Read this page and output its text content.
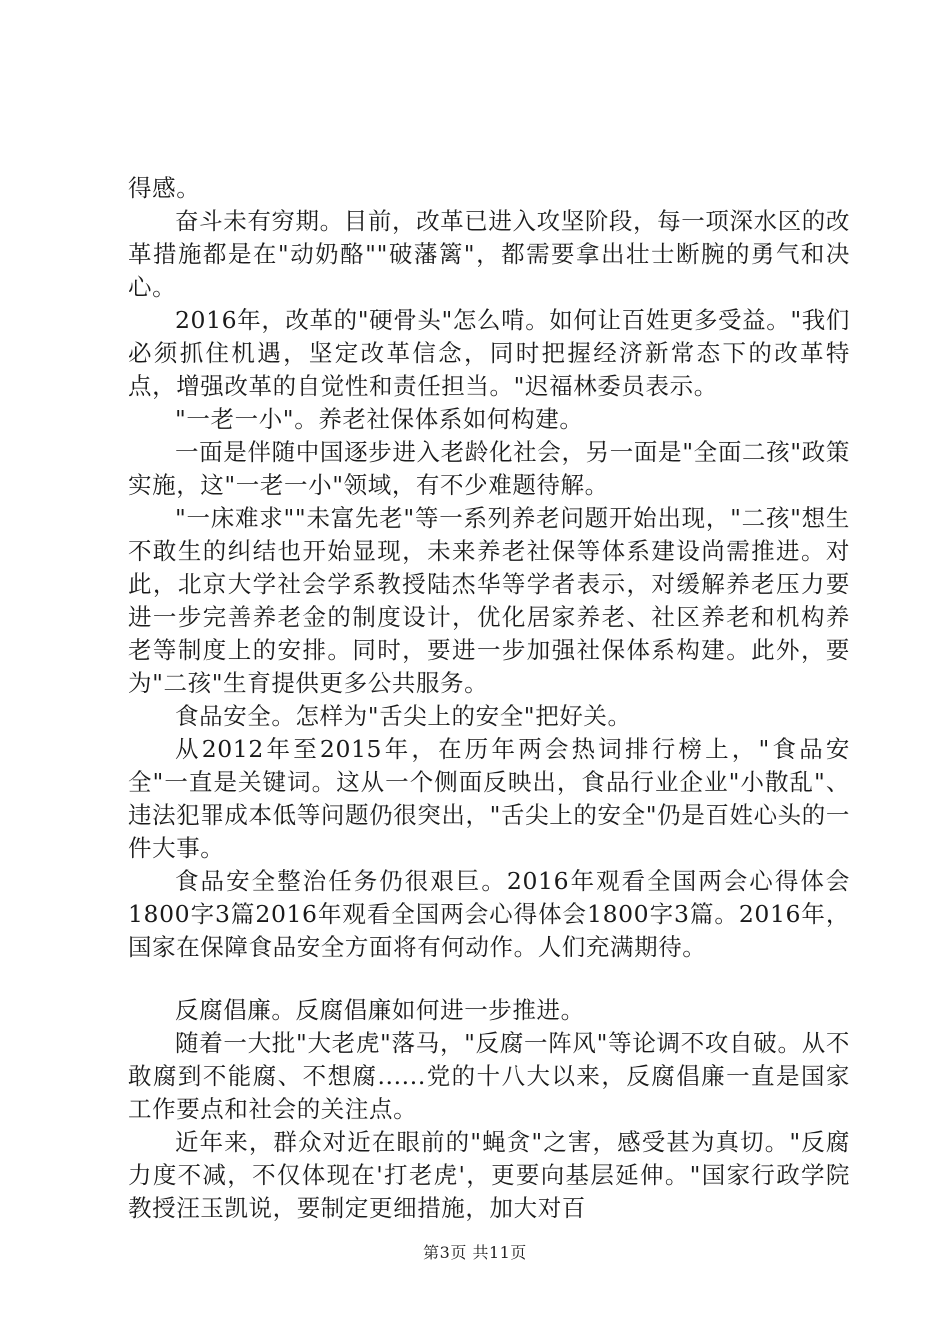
得感。

奋斗未有穷期。目前，改革已进入攻坚阶段，每一项深水区的改革措施都是在"动奶酪""破藩篱"，都需要拿出壮士断腕的勇气和决心。

2016年，改革的"硬骨头"怎么啃。如何让百姓更多受益。"我们必须抓住机遇，坚定改革信念，同时把握经济新常态下的改革特点，增强改革的自觉性和责任担当。"迟福林委员表示。

"一老一小"。养老社保体系如何构建。

一面是伴随中国逐步进入老龄化社会，另一面是"全面二孩"政策实施，这"一老一小"领域，有不少难题待解。

"一床难求""未富先老"等一系列养老问题开始出现，"二孩"想生不敢生的纠结也开始显现，未来养老社保等体系建设尚需推进。对此，北京大学社会学系教授陆杰华等学者表示，对缓解养老压力要进一步完善养老金的制度设计，优化居家养老、社区养老和机构养老等制度上的安排。同时，要进一步加强社保体系构建。此外，要为"二孩"生育提供更多公共服务。

食品安全。怎样为"舌尖上的安全"把好关。

从2012年至2015年，在历年两会热词排行榜上，"食品安全"一直是关键词。这从一个侧面反映出，食品行业企业"小散乱"、违法犯罪成本低等问题仍很突出，"舌尖上的安全"仍是百姓心头的一件大事。

食品安全整治任务仍很艰巨。2016年观看全国两会心得体会1800字3篇2016年观看全国两会心得体会1800字3篇。2016年，国家在保障食品安全方面将有何动作。人们充满期待。

反腐倡廉。反腐倡廉如何进一步推进。

随着一大批"大老虎"落马，"反腐一阵风"等论调不攻自破。从不敢腐到不能腐、不想腐......党的十八大以来，反腐倡廉一直是国家工作要点和社会的关注点。

近年来，群众对近在眼前的"蝇贪"之害，感受甚为真切。"反腐力度不减，不仅体现在'打老虎'，更要向基层延伸。"国家行政学院教授汪玉凯说，要制定更细措施，加大对百

第3页 共11页
